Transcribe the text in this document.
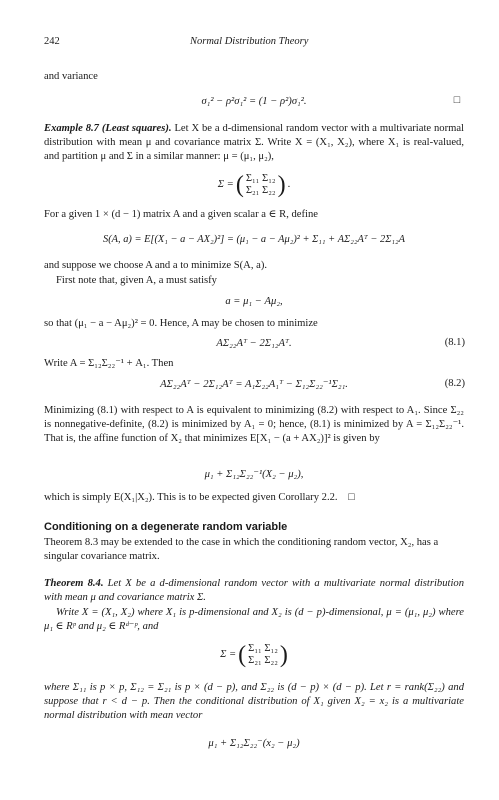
242	Normal Distribution Theory
and variance
σ₁² − ρ²σ₁² = (1 − ρ²)σ₁².	□
Example 8.7 (Least squares). Let X be a d-dimensional random vector with a multivariate normal distribution with mean μ and covariance matrix Σ. Write X = (X₁, X₂), where X₁ is real-valued, and partition μ and Σ in a similar manner: μ = (μ₁, μ₂),
Σ = ( Σ₁₁ Σ₁₂
Σ₂₁ Σ₂₂ ) .
For a given 1 × (d − 1) matrix A and a given scalar a ∈ R, define
S(A, a) = E[(X₁ − a − AX₂)²] = (μ₁ − a − Aμ₂)² + Σ₁₁ + AΣ₂₂Aᵀ − 2Σ₁₂A
and suppose we choose A and a to minimize S(A, a).
First note that, given A, a must satisfy
a = μ₁ − Aμ₂,
so that (μ₁ − a − Aμ₂)² = 0. Hence, A may be chosen to minimize
AΣ₂₂Aᵀ − 2Σ₁₂Aᵀ.	(8.1)
Write A = Σ₁₂Σ₂₂⁻¹ + A₁. Then
AΣ₂₂Aᵀ − 2Σ₁₂Aᵀ = A₁Σ₂₂A₁ᵀ − Σ₁₂Σ₂₂⁻¹Σ₂₁.	(8.2)
Minimizing (8.1) with respect to A is equivalent to minimizing (8.2) with respect to A₁. Since Σ₂₂ is nonnegative-definite, (8.2) is minimized by A₁ = 0; hence, (8.1) is minimized by A = Σ₁₂Σ₂₂⁻¹. That is, the affine function of X₂ that minimizes E[X₁ − (a + AX₂)]² is given by
μ₁ + Σ₁₂Σ₂₂⁻¹(X₂ − μ₂),
which is simply E(X₁|X₂). This is to be expected given Corollary 2.2. □
Conditioning on a degenerate random variable
Theorem 8.3 may be extended to the case in which the conditioning random vector, X₂, has a singular covariance matrix.
Theorem 8.4. Let X be a d-dimensional random vector with a multivariate normal distribution with mean μ and covariance matrix Σ.
Write X = (X₁, X₂) where X₁ is p-dimensional and X₂ is (d − p)-dimensional, μ = (μ₁, μ₂) where μ₁ ∈ Rᵖ and μ₂ ∈ Rᵈ⁻ᵖ, and
Σ = ( Σ₁₁ Σ₁₂
Σ₂₁ Σ₂₂ )
where Σ₁₁ is p × p, Σ₁₂ = Σ₂₁ is p × (d − p), and Σ₂₂ is (d − p) × (d − p). Let r = rank(Σ₂₂) and suppose that r < d − p. Then the conditional distribution of X₁ given X₂ = x₂ is a multivariate normal distribution with mean vector
μ₁ + Σ₁₂Σ₂₂⁻(x₂ − μ₂)
